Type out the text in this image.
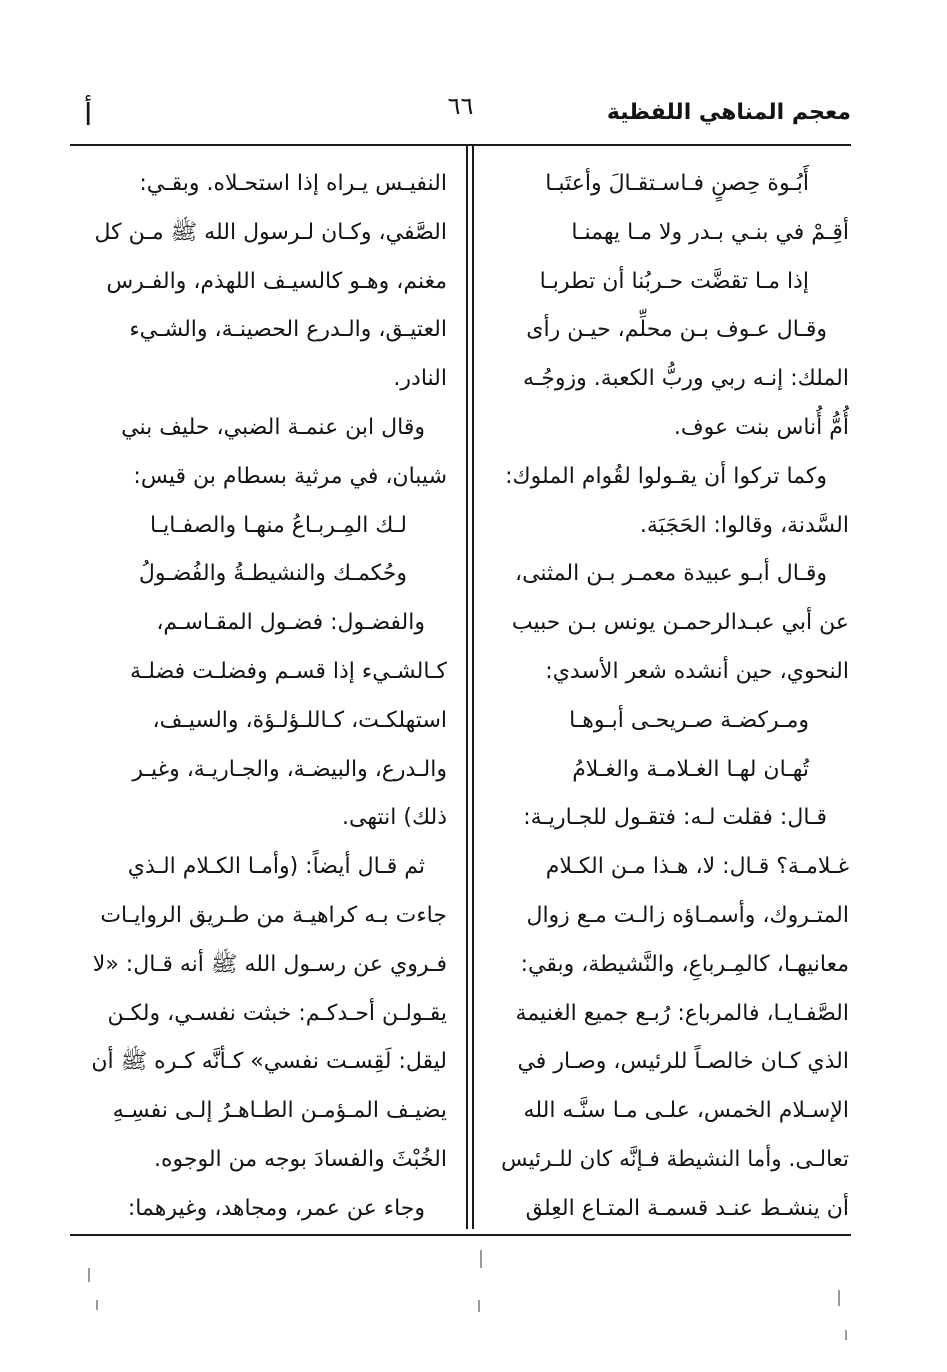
معجم المناهي اللفظية
٦٦
أ
أَبُـوة حِصنٍ فـاسـتقـالَ وأعتَبـا
أقِـمْ في بنـي بـدر ولا مـا يهمنـا
إذا مـا تقضَّت حـربُنا أن تطربـا
وقـال عـوف بـن محلِّم، حيـن رأى
الملك: إنـه ربي وربُّ الكعبة. وزوجُـه
أُمُّ أُناس بنت عوف.
وكما تركوا أن يقـولوا لقُوام الملوك:
السَّدنة، وقالوا: الحَجَبَة.
وقـال أبـو عبيدة معمـر بـن المثنى،
عن أبي عبـدالرحمـن يونس بـن حبيب
النحوي، حين أنشده شعر الأسدي:
ومـركضـة صـريحـى أبـوهـا
تُهـان لهـا الغـلامـة والغـلامُ
قـال: فقلت لـه: فتقـول للجـاريـة:
غـلامـة؟ قـال: لا، هـذا مـن الكـلام
المتـروك، وأسمـاؤه زالـت مـع زوال
معانيهـا، كالمِـرباعِ، والنَّشيطة، وبقي:
الصَّفـايـا، فالمرباع: رُبـع جميع الغنيمة
الذي كـان خالصـاً للرئيس، وصـار في
الإسـلام الخمس، علـى مـا سنَّـه الله
تعالـى. وأما النشيطة فـإنَّه كان للـرئيس
أن ينشـط عنـد قسمـة المتـاع العِلق
النفيـس يـراه إذا استحـلاه. وبقـي:
الصَّفي، وكـان لـرسول الله ﷺ مـن كل
مغنم، وهـو كالسيـف اللهذم، والفـرس
العتيـق، والـدرع الحصينـة، والشـيء
النادر.
وقال ابن عنمـة الضبي، حليف بني
شيبان، في مرثية بسطام بن قيس:
لـك المِـربـاعُ منهـا والصفـايـا
وحُكمـك والنشيطـةُ والفُضـولُ
والفضـول: فضـول المقـاسـم،
كـالشـيء إذا قسـم وفضلـت فضلـة
استهلكـت، كـاللـؤلـؤة، والسيـف،
والـدرع، والبيضـة، والجـاريـة، وغيـر
ذلك) انتهى.
ثم قـال أيضاً: (وأمـا الكـلام الـذي
جاءت بـه كراهيـة من طـريق الروايـات
فـروي عن رسـول الله ﷺ أنه قـال: «لا
يقـولـن أحـدكـم: خبثت نفسـي، ولكـن
ليقل: لَقِسـت نفسي» كـأنَّه كـره ﷺ أن
يضيـف المـؤمـن الطـاهـرُ إلـى نفسِـهِ
الخُبْثَ والفسادَ بوجه من الوجوه.
وجاء عن عمر، ومجاهد، وغيرهما:
